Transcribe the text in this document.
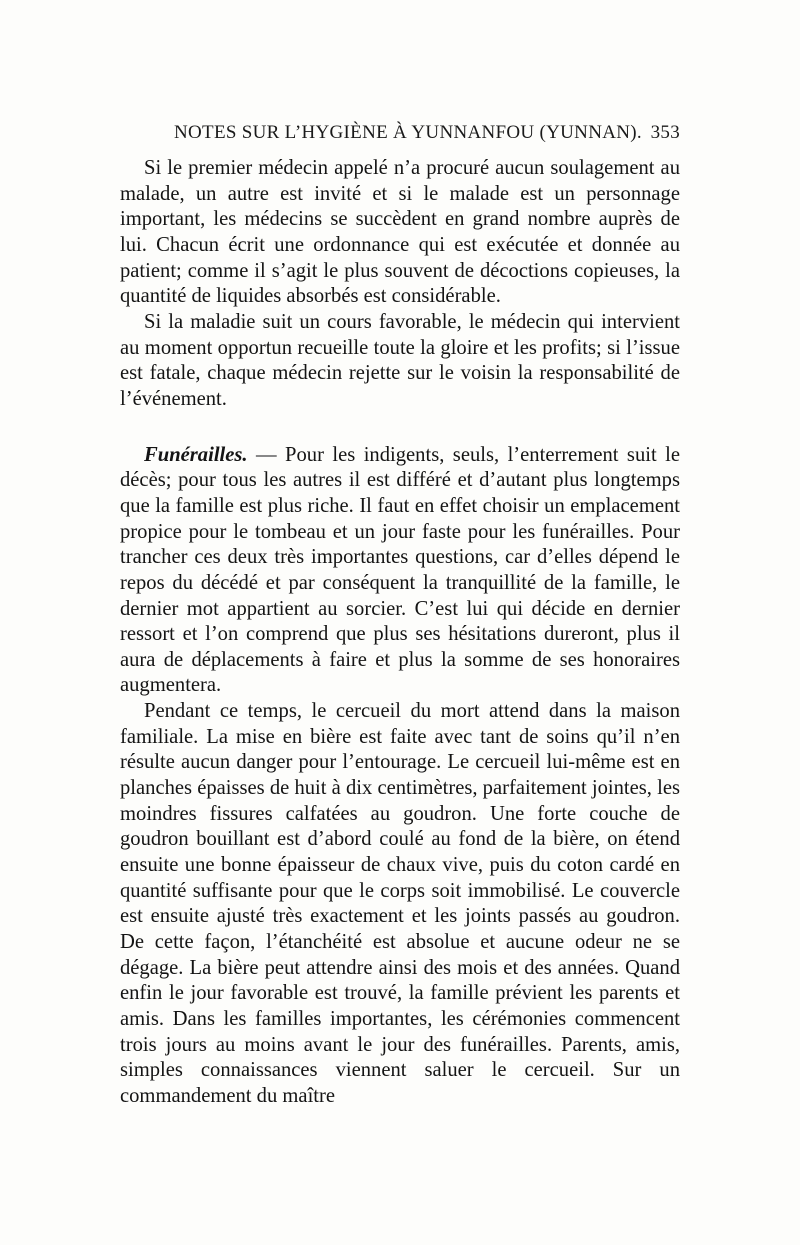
NOTES SUR L’HYGIÈNE À YUNNANFOU (YUNNAN). 353

Si le premier médecin appelé n’a procuré aucun soulagement au malade, un autre est invité et si le malade est un personnage important, les médecins se succèdent en grand nombre auprès de lui. Chacun écrit une ordonnance qui est exécutée et donnée au patient; comme il s’agit le plus souvent de décoctions copieuses, la quantité de liquides absorbés est considérable.

Si la maladie suit un cours favorable, le médecin qui intervient au moment opportun recueille toute la gloire et les profits; si l’issue est fatale, chaque médecin rejette sur le voisin la responsabilité de l’événement.

Funérailles. — Pour les indigents, seuls, l’enterrement suit le décès; pour tous les autres il est différé et d’autant plus longtemps que la famille est plus riche. Il faut en effet choisir un emplacement propice pour le tombeau et un jour faste pour les funérailles. Pour trancher ces deux très importantes questions, car d’elles dépend le repos du décédé et par conséquent la tranquillité de la famille, le dernier mot appartient au sorcier. C’est lui qui décide en dernier ressort et l’on comprend que plus ses hésitations dureront, plus il aura de déplacements à faire et plus la somme de ses honoraires augmentera.

Pendant ce temps, le cercueil du mort attend dans la maison familiale. La mise en bière est faite avec tant de soins qu’il n’en résulte aucun danger pour l’entourage. Le cercueil lui-même est en planches épaisses de huit à dix centimètres, parfaitement jointes, les moindres fissures calfatées au goudron. Une forte couche de goudron bouillant est d’abord coulé au fond de la bière, on étend ensuite une bonne épaisseur de chaux vive, puis du coton cardé en quantité suffisante pour que le corps soit immobilisé. Le couvercle est ensuite ajusté très exactement et les joints passés au goudron. De cette façon, l’étanchéité est absolue et aucune odeur ne se dégage. La bière peut attendre ainsi des mois et des années. Quand enfin le jour favorable est trouvé, la famille prévient les parents et amis. Dans les familles importantes, les cérémonies commencent trois jours au moins avant le jour des funérailles. Parents, amis, simples connaissances viennent saluer le cercueil. Sur un commandement du maître
